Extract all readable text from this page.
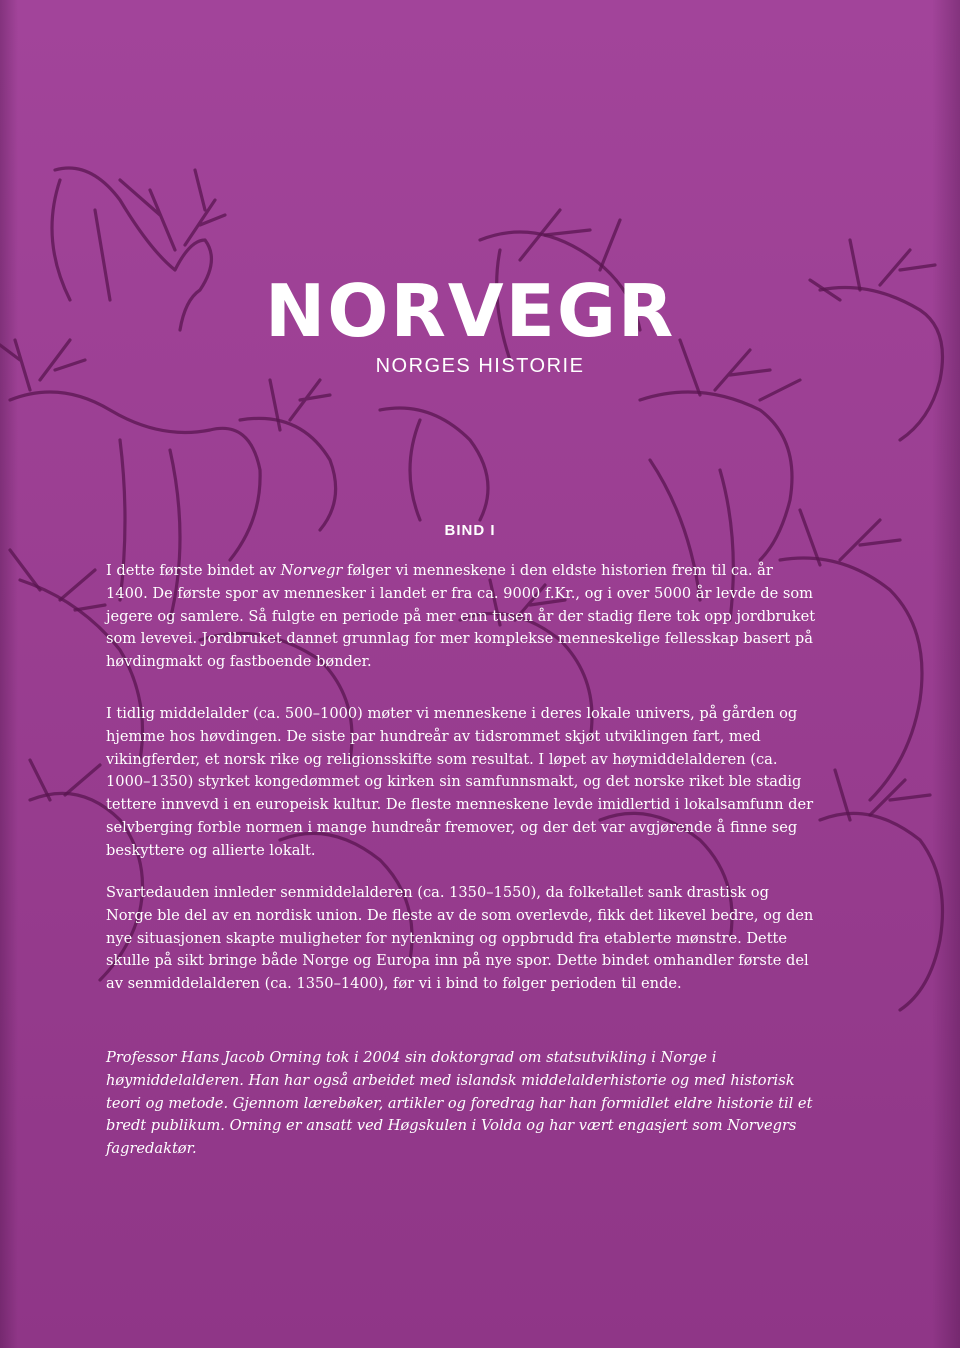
NORVEGR
NORGES HISTORIE
BIND I

I dette første bindet av Norvegr følger vi menneskene i den eldste historien frem til ca. år 1400. De første spor av mennesker i landet er fra ca. 9000 f.Kr., og i over 5000 år levde de som jegere og samlere. Så fulgte en periode på mer enn tusen år der stadig flere tok opp jordbruket som levevei. Jordbruket dannet grunnlag for mer komplekse menneskelige fellesskap basert på høvdingmakt og fastboende bønder.

I tidlig middelalder (ca. 500–1000) møter vi menneskene i deres lokale univers, på gården og hjemme hos høvdingen. De siste par hundreår av tidsrommet skjøt utviklingen fart, med vikingferder, et norsk rike og religionsskifte som resultat. I løpet av høymiddelalderen (ca. 1000–1350) styrket kongedømmet og kirken sin samfunnsmakt, og det norske riket ble stadig tettere innvevd i en europeisk kultur. De fleste menneskene levde imidlertid i lokalsamfunn der selvberging forble normen i mange hundreår fremover, og der det var avgjørende å finne seg beskyttere og allierte lokalt.

Svartedauden innleder senmiddelalderen (ca. 1350–1550), da folketallet sank drastisk og Norge ble del av en nordisk union. De fleste av de som overlevde, fikk det likevel bedre, og den nye situasjonen skapte muligheter for nytenkning og oppbrudd fra etablerte mønstre. Dette skulle på sikt bringe både Norge og Europa inn på nye spor. Dette bindet omhandler første del av senmiddelalderen (ca. 1350–1400), før vi i bind to følger perioden til ende.

Professor Hans Jacob Orning tok i 2004 sin doktorgrad om statsutvikling i Norge i høymiddelalderen. Han har også arbeidet med islandsk middelalderhistorie og med historisk teori og metode. Gjennom lærebøker, artikler og foredrag har han formidlet eldre historie til et bredt publikum. Orning er ansatt ved Høgskulen i Volda og har vært engasjert som Norvegrs fagredaktør.
